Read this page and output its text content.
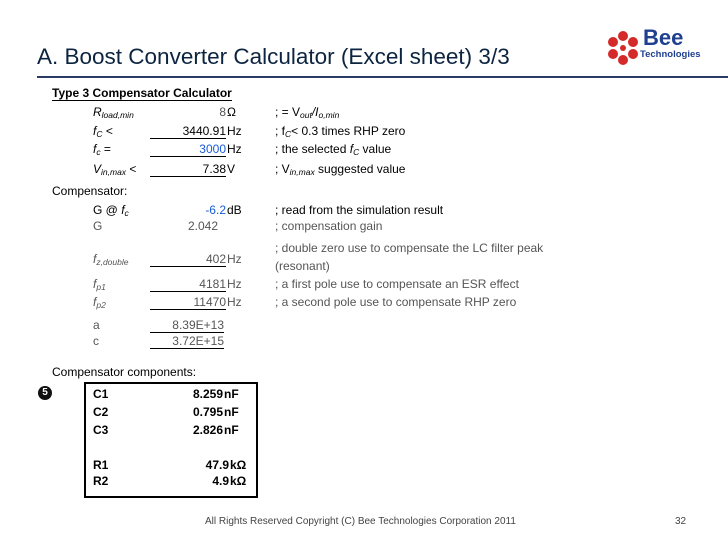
A. Boost Converter Calculator (Excel sheet) 3/3
Bee
Technologies
Type 3 Compensator Calculator
$R_{load,min}$	8 Ω	; = $V_{out}/I_{o,min}$
$f_C$ <	3440.91 Hz	; $f_C< 0.3$ times RHP zero
$f_c$ =	3000 Hz	; the selected $f_C$ value
$V_{in,max}$ <	7.38 V	; $V_{in,max}$ suggested value
Compensator:
G @ $f_c$	-6.2 dB	; read from the simulation result
G	2.042	; compensation gain
$f_{z,double}$	402 Hz
; double zero use to compensate the LC filter peak
(resonant)
$f_{p1}$	4181 Hz	; a first pole use to compensate an ESR effect
$f_{p2}$	11470 Hz	; a second pole use to compensate RHP zero
a	8.39E+13
c	3.72E+15
Compensator components:
5	C1	8.259 nF
C2	0.795 nF
C3	2.826 nF
R1	47.9 kΩ
R2	4.9 kΩ
All Rights Reserved Copyright (C) Bee Technologies Corporation 2011	32
